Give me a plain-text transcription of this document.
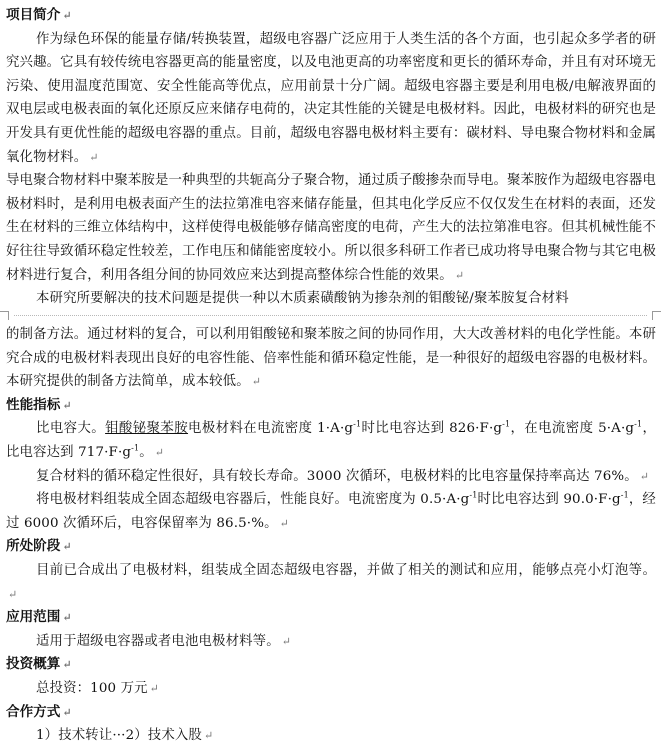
项目简介 ↵

作为绿色环保的能量存储/转换装置，超级电容器广泛应用于人类生活的各个方面，也引起众多学者的研究兴趣。它具有较传统电容器更高的能量密度，以及电池更高的功率密度和更长的循环寿命，并且有对环境无污染、使用温度范围宽、安全性能高等优点，应用前景十分广阔。超级电容器主要是利用电极/电解液界面的双电层或电极表面的氧化还原反应来储存电荷的，决定其性能的关键是电极材料。因此，电极材料的研究也是开发具有更优性能的超级电容器的重点。目前，超级电容器电极材料主要有：碳材料、导电聚合物材料和金属氧化物材料。 ↵

导电聚合物材料中聚苯胺是一种典型的共轭高分子聚合物，通过质子酸掺杂而导电。聚苯胺作为超级电容器电极材料时，是利用电极表面产生的法拉第准电容来储存能量，但其电化学反应不仅仅发生在材料的表面，还发生在材料的三维立体结构中，这样使得电极能够存储高密度的电荷，产生大的法拉第准电容。但其机械性能不好往往导致循环稳定性较差，工作电压和储能密度较小。所以很多科研工作者已成功将导电聚合物与其它电极材料进行复合，利用各组分间的协同效应来达到提高整体综合性能的效果。 ↵

本研究所要解决的技术问题是提供一种以木质素磺酸钠为掺杂剂的钼酸铋/聚苯胺复合材料

的制备方法。通过材料的复合，可以利用钼酸铋和聚苯胺之间的协同作用，大大改善材料的电化学性能。本研究合成的电极材料表现出良好的电容性能、倍率性能和循环稳定性能，是一种很好的超级电容器的电极材料。本研究提供的制备方法简单，成本较低。 ↵

性能指标 ↵

比电容大。钼酸铋聚苯胺电极材料在电流密度 $1\cdot A\cdot g^{-1}$时比电容达到 $826\cdot F\cdot g^{-1}$，在电流密度 $5\cdot A\cdot g^{-1}$，比电容达到 $717\cdot F\cdot g^{-1}$。 ↵

复合材料的循环稳定性很好，具有较长寿命。3000 次循环，电极材料的比电容量保持率高达 76%。 ↵

将电极材料组装成全固态超级电容器后，性能良好。电流密度为 $0.5\cdot A\cdot g^{-1}$时比电容达到 $90.0\cdot F\cdot g^{-1}$，经过 6000 次循环后，电容保留率为 86.5·%。 ↵

所处阶段 ↵

目前已合成出了电极材料，组装成全固态超级电容器，并做了相关的测试和应用，能够点亮小灯泡等。↵

应用范围 ↵

适用于超级电容器或者电池电极材料等。 ↵

投资概算 ↵

总投资：100 万元 ↵

合作方式 ↵

1）技术转让···2）技术入股 ↵
